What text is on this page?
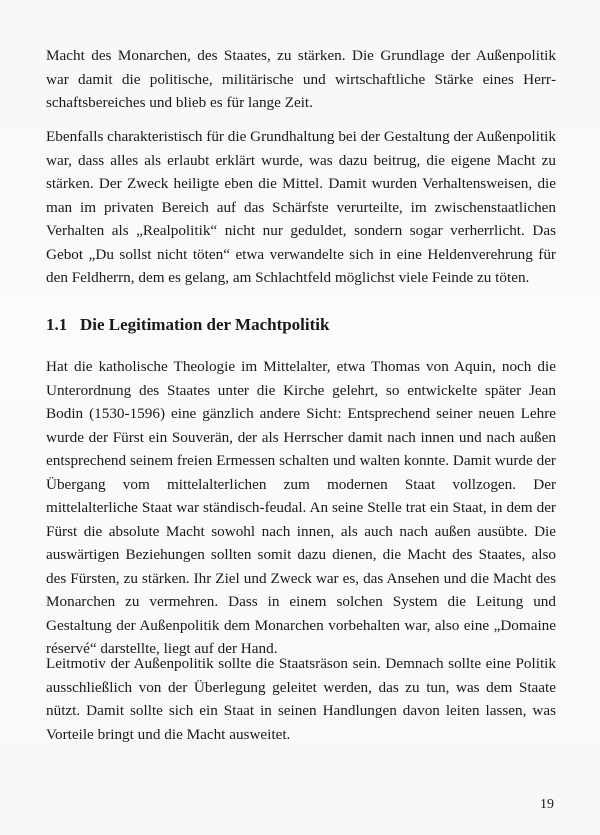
Macht des Monarchen, des Staates, zu stärken. Die Grundlage der Außenpolitik war damit die politische, militärische und wirtschaftliche Stärke eines Herrschaftsbereiches und blieb es für lange Zeit.

Ebenfalls charakteristisch für die Grundhaltung bei der Gestaltung der Außenpolitik war, dass alles als erlaubt erklärt wurde, was dazu beitrug, die eigene Macht zu stärken. Der Zweck heiligte eben die Mittel. Damit wurden Verhaltensweisen, die man im privaten Bereich auf das Schärfste verurteilte, im zwischenstaatlichen Verhalten als „Realpolitik“ nicht nur geduldet, sondern sogar verherrlicht. Das Gebot „Du sollst nicht töten“ etwa verwandelte sich in eine Heldenverehrung für den Feldherrn, dem es gelang, am Schlachtfeld möglichst viele Feinde zu töten.

1.1 Die Legitimation der Machtpolitik

Hat die katholische Theologie im Mittelalter, etwa Thomas von Aquin, noch die Unterordnung des Staates unter die Kirche gelehrt, so entwickelte später Jean Bodin (1530-1596) eine gänzlich andere Sicht: Entsprechend seiner neuen Lehre wurde der Fürst ein Souverän, der als Herrscher damit nach innen und nach außen entsprechend seinem freien Ermessen schalten und walten konnte. Damit wurde der Übergang vom mittelalterlichen zum modernen Staat vollzogen. Der mittelalterliche Staat war ständisch-feudal. An seine Stelle trat ein Staat, in dem der Fürst die absolute Macht sowohl nach innen, als auch nach außen ausübte. Die auswärtigen Beziehungen sollten somit dazu dienen, die Macht des Staates, also des Fürsten, zu stärken. Ihr Ziel und Zweck war es, das Ansehen und die Macht des Monarchen zu vermehren. Dass in einem solchen System die Leitung und Gestaltung der Außenpolitik dem Monarchen vorbehalten war, also eine „Domaine réservé“ darstellte, liegt auf der Hand.

Leitmotiv der Außenpolitik sollte die Staatsräson sein. Demnach sollte eine Politik ausschließlich von der Überlegung geleitet werden, das zu tun, was dem Staate nützt. Damit sollte sich ein Staat in seinen Handlungen davon leiten lassen, was Vorteile bringt und die Macht ausweitet.

19
